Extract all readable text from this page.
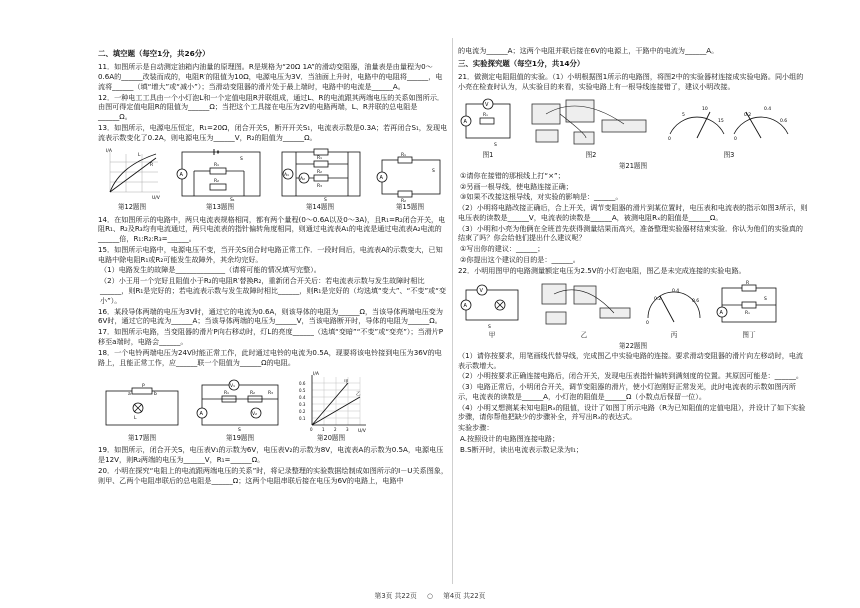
二、填空题（每空1分，共26分）
11．如图所示是自动测定油箱内油量的原理图。R是规格为“20Ω 1A”的滑动变阻器，油量表是由量程为0～0.6A的______改装而成的，电阻R′的阻值为10Ω，电源电压为3V．当油面上升时，电路中的电阻将______，电流将______（填“增大”或“减小”）；当滑动变阻器的滑片处于最上端时，电路中的电流是______A。
12．一种电工工具由一个小灯泡L和一个定值电阻R并联组成，通过L、R的电流跟其两端电压的关系如图所示．由图可得定值电阻R的阻值为______Ω；当把这个工具接在电压为2V的电路两端，L、R并联的总电阻是______Ω。
13．如图所示，电源电压恒定，R₁=20Ω，闭合开关S，断开开关S₁，电流表示数是0.3A；若再闭合S₁，发现电流表示数变化了0.2A，则电源电压为______V，R₂的阻值为______Ω。
I/A
U/V
R
L
第12题图
A
R₁
R₂
S
S₁
第13题图
A₁
A₂
R₁
R₂
R₃
S
第14题图
A
R₁
R₂
S
第15题图
14．在如图所示的电路中，两只电流表规格相同，都有两个量程(0～0.6A以及0～3A)，且R₁=R₂闭合开关，电阻R₁、R₂及R₃均有电流通过，两只电流表的指针偏转角度相同，则通过电流表A₁的电流是通过电流表A₂电流的______倍，R₁:R₂:R₃=______。
15．如图所示电路中，电源电压不变，当开关S闭合时电路正常工作．一段时间后，电流表A的示数变大，已知电路中除电阻R₁或R₂可能发生故障外，其余均完好。
（1）电路发生的故障是______________（请将可能的情况填写完整）。
（2）小王用一个完好且阻值小于R₂的电阻R′替换R₂，重新闭合开关后：若电流表示数与发生故障时相比______，则R₁是完好的；若电流表示数与发生故障时相比______，则R₁是完好的（均选填“变大”、“不变”或“变小”）。
16．某段导体两端的电压为3V时，通过它的电流为0.6A，则该导体的电阻为______Ω，当该导体两端电压变为6V时，通过它的电流为______A；当该导体两端的电压为______V，当该电路断开时，导体的电阻为______Ω。
17．如图所示电路，当变阻器的滑片P向右移动时，灯L的亮度______（选填“变暗”“不变”或“变亮”）；当滑片P移至a端时，电路会______。
18．一个电铃两端电压为24V时能正常工作，此时通过电铃的电流为0.5A，现要将该电铃接到电压为36V的电路上，且能正常工作，应______联一个阻值为______Ω的电阻。
P
a	b
L
第17题图
V₁
V₂
A
R₁	R₂	R₃
S
第19题图
I/A
U/V
甲
乙
0.6
0.5
0.4
0.3
0.2
0.1
0 1 2 3
第20题图
19．如图所示，闭合开关S，电压表V₁的示数为6V，电压表V₂的示数为8V，电流表A的示数为0.5A，电源电压是12V，则R₂两端的电压为______V，R₁=______Ω。
20．小明在探究“电阻上的电流跟两端电压的关系”时，将记录整理的实验数据绘制成如图所示的I－U关系图象，则甲、乙两个电阻串联后的总电阻是______Ω；这两个电阻串联后接在电压为6V的电路上，电路中
的电流为______A；这两个电阻并联后接在6V的电源上，干路中的电流为______A。
三、实验探究题（每空1分，共14分）
21．做测定电阻阻值的实验。（1）小明根据图1所示的电路图，将图2中的实验器材连接成实验电路。同小组的小亮在检查时认为，从实验目的来看，实验电路上有一根导线连接错了，建议小明改接。
V
A
Rₓ
S
图1	图2
0
5
10
15
0
0.2
0.4
0.6
图3
第21题图
①请你在接错的那根线上打“×”；
②另画一根导线，使电路连接正确；
③如果不改接这根导线，对实验的影响是：______。
（2）小明将电路改接正确后，合上开关，调节变阻器的滑片到某位置时，电压表和电流表的指示如图3所示，则电压表的读数是______V，电流表的读数是______A，被测电阻Rₓ的阻值是______Ω。
（3）小明和小亮为他俩在全班首先获得测量结果而高兴，准备整理实验器材结束实验．你认为他们的实验真的结束了吗？你会给他们提出什么建议呢？
①写出你的建议：______；
②你提出这个建议的目的是：______。
22．小明用图甲的电路测量额定电压为2.5V的小灯泡电阻，图乙是未完成连接的实验电路。
V
A
S
甲	乙
0
0.2
0.4
0.6
丙
A
R
Rₓ
S
图丁
第22题图
（1）请你按要求，用笔画线代替导线，完成图乙中实验电路的连接。要求滑动变阻器的滑片向左移动时，电流表示数增大。
（2）小明按要求正确连接电路后，闭合开关，发现电压表指针偏转到满刻度的位置。其原因可能是：______。
（3）电路正常后，小明闭合开关，调节变阻器的滑片，使小灯泡刚好正常发光，此时电流表的示数如图丙所示，电流表的读数是______A，小灯泡的阻值是______Ω（小数点后保留一位）。
（4）小明又想测某未知电阻Rₓ的阻值，设计了如图丁所示电路（R为已知阻值的定值电阻），并设计了如下实验步骤，请你帮他把缺少的步骤补全，并写出Rₓ的表达式。
实验步骤：
A.按照设计的电路图连接电路；
B.S断开时，读出电流表示数记录为I₁；
第3页 共22页 ○ 第4页 共22页
